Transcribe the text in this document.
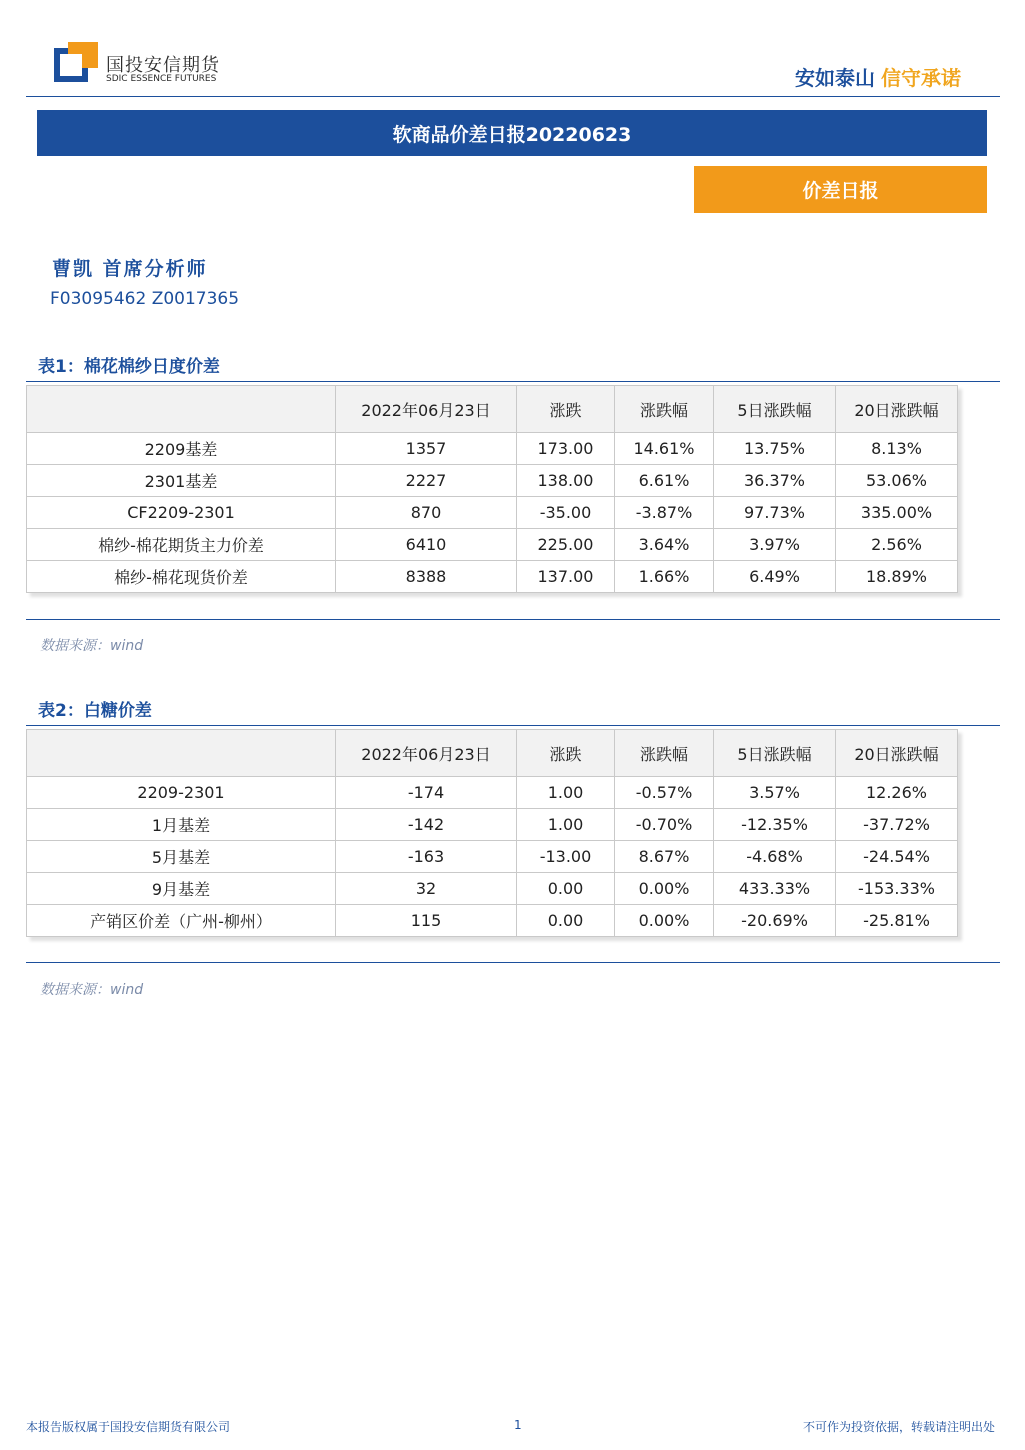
国投安信期货
SDIC ESSENCE FUTURES	安如泰山 信守承诺
软商品价差日报20220623
价差日报
曹凯 首席分析师
F03095462 Z0017365
表1：棉花棉纱日度价差
	2022年06月23日	涨跌	涨跌幅	5日涨跌幅	20日涨跌幅
2209基差	1357	173.00	14.61%	13.75%	8.13%
2301基差	2227	138.00	6.61%	36.37%	53.06%
CF2209-2301	870	-35.00	-3.87%	97.73%	335.00%
棉纱-棉花期货主力价差	6410	225.00	3.64%	3.97%	2.56%
棉纱-棉花现货价差	8388	137.00	1.66%	6.49%	18.89%
数据来源：wind
表2：白糖价差
	2022年06月23日	涨跌	涨跌幅	5日涨跌幅	20日涨跌幅
2209-2301	-174	1.00	-0.57%	3.57%	12.26%
1月基差	-142	1.00	-0.70%	-12.35%	-37.72%
5月基差	-163	-13.00	8.67%	-4.68%	-24.54%
9月基差	32	0.00	0.00%	433.33%	-153.33%
产销区价差（广州-柳州）	115	0.00	0.00%	-20.69%	-25.81%
数据来源：wind
本报告版权属于国投安信期货有限公司	1	不可作为投资依据，转载请注明出处
